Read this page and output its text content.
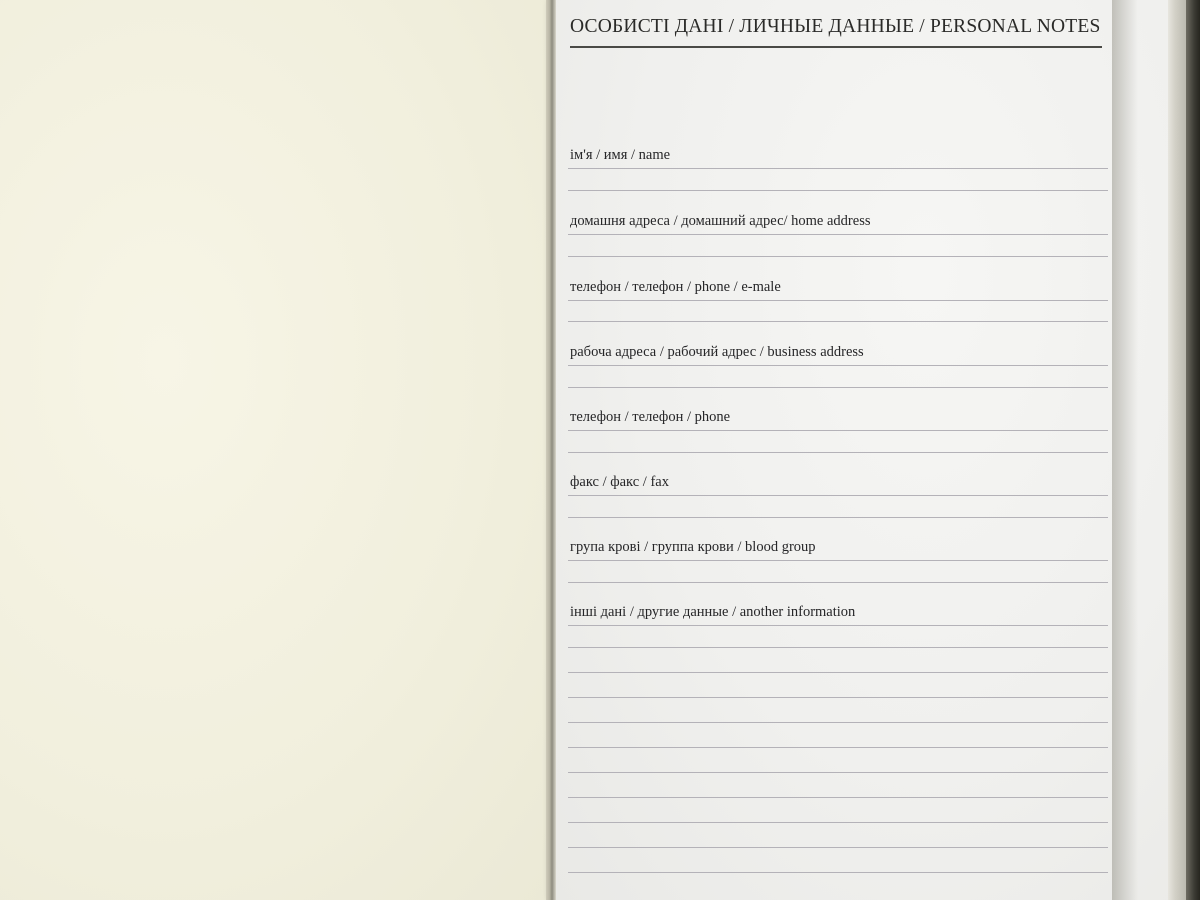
ОСОБИСТІ ДАНІ / ЛИЧНЫЕ ДАННЫЕ / PERSONAL NOTES
ім'я / имя / name
домашня адреса / домашний адрес/ home address
телефон / телефон / phone / e-male
рабоча адреса / рабочий адрес / business address
телефон / телефон / phone
факс / факс / fax
група крові / группа крови / blood group
інші дані / другие данные / another information
